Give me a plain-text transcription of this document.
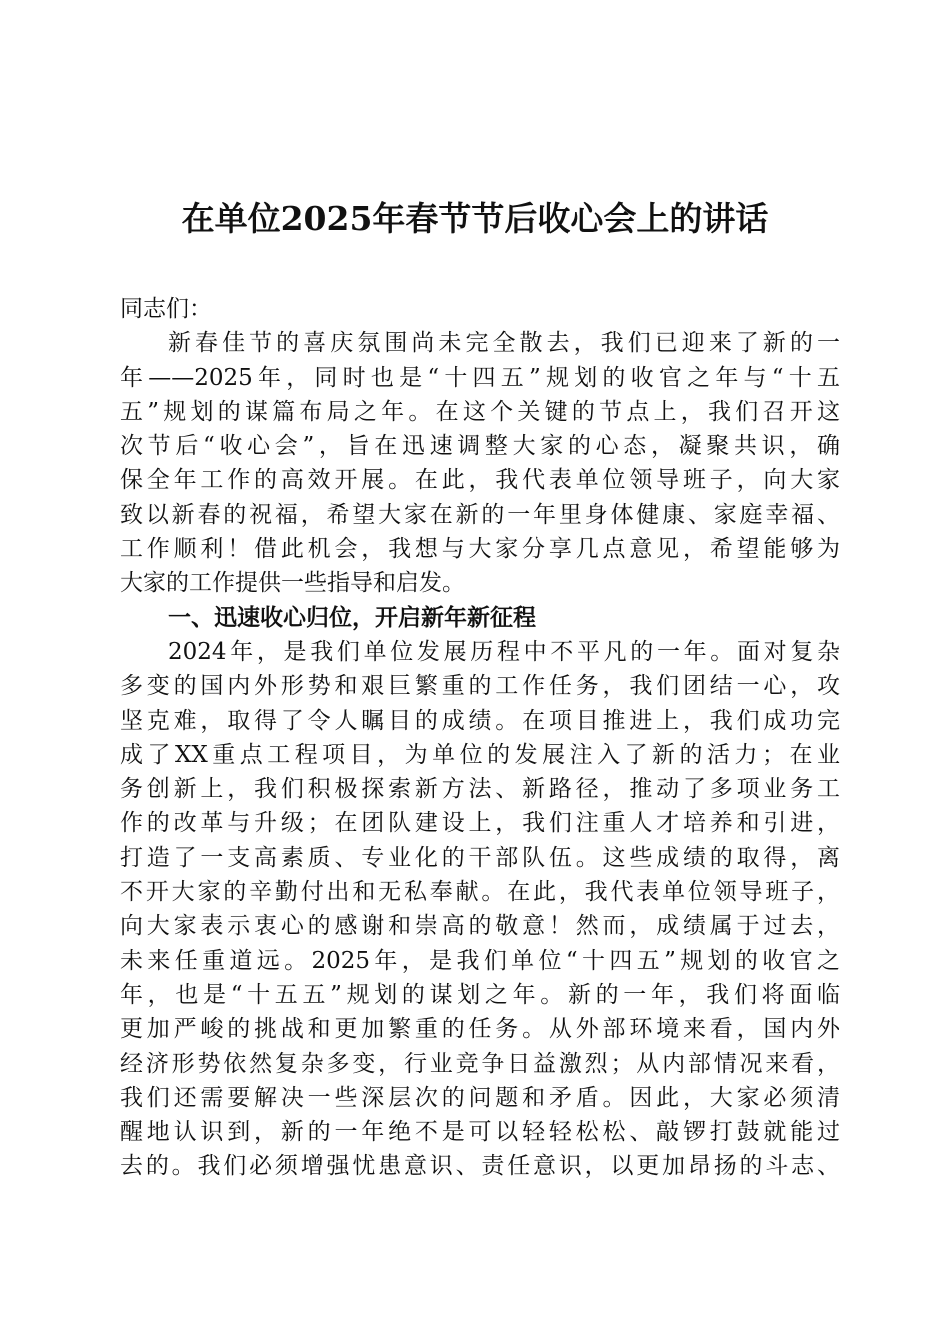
在单位2025年春节节后收心会上的讲话
同志们：
新春佳节的喜庆氛围尚未完全散去，我们已迎来了新的一
年——2025年，同时也是“十四五”规划的收官之年与“十五
五”规划的谋篇布局之年。在这个关键的节点上，我们召开这
次节后“收心会”，旨在迅速调整大家的心态，凝聚共识，确
保全年工作的高效开展。在此，我代表单位领导班子，向大家
致以新春的祝福，希望大家在新的一年里身体健康、家庭幸福、
工作顺利！借此机会，我想与大家分享几点意见，希望能够为
大家的工作提供一些指导和启发。
一、迅速收心归位，开启新年新征程
2024年，是我们单位发展历程中不平凡的一年。面对复杂
多变的国内外形势和艰巨繁重的工作任务，我们团结一心，攻
坚克难，取得了令人瞩目的成绩。在项目推进上，我们成功完
成了XX重点工程项目，为单位的发展注入了新的活力；在业
务创新上，我们积极探索新方法、新路径，推动了多项业务工
作的改革与升级；在团队建设上，我们注重人才培养和引进，
打造了一支高素质、专业化的干部队伍。这些成绩的取得，离
不开大家的辛勤付出和无私奉献。在此，我代表单位领导班子，
向大家表示衷心的感谢和崇高的敬意！然而，成绩属于过去，
未来任重道远。2025年，是我们单位“十四五”规划的收官之
年，也是“十五五”规划的谋划之年。新的一年，我们将面临
更加严峻的挑战和更加繁重的任务。从外部环境来看，国内外
经济形势依然复杂多变，行业竞争日益激烈；从内部情况来看，
我们还需要解决一些深层次的问题和矛盾。因此，大家必须清
醒地认识到，新的一年绝不是可以轻轻松松、敲锣打鼓就能过
去的。我们必须增强忧患意识、责任意识，以更加昂扬的斗志、
